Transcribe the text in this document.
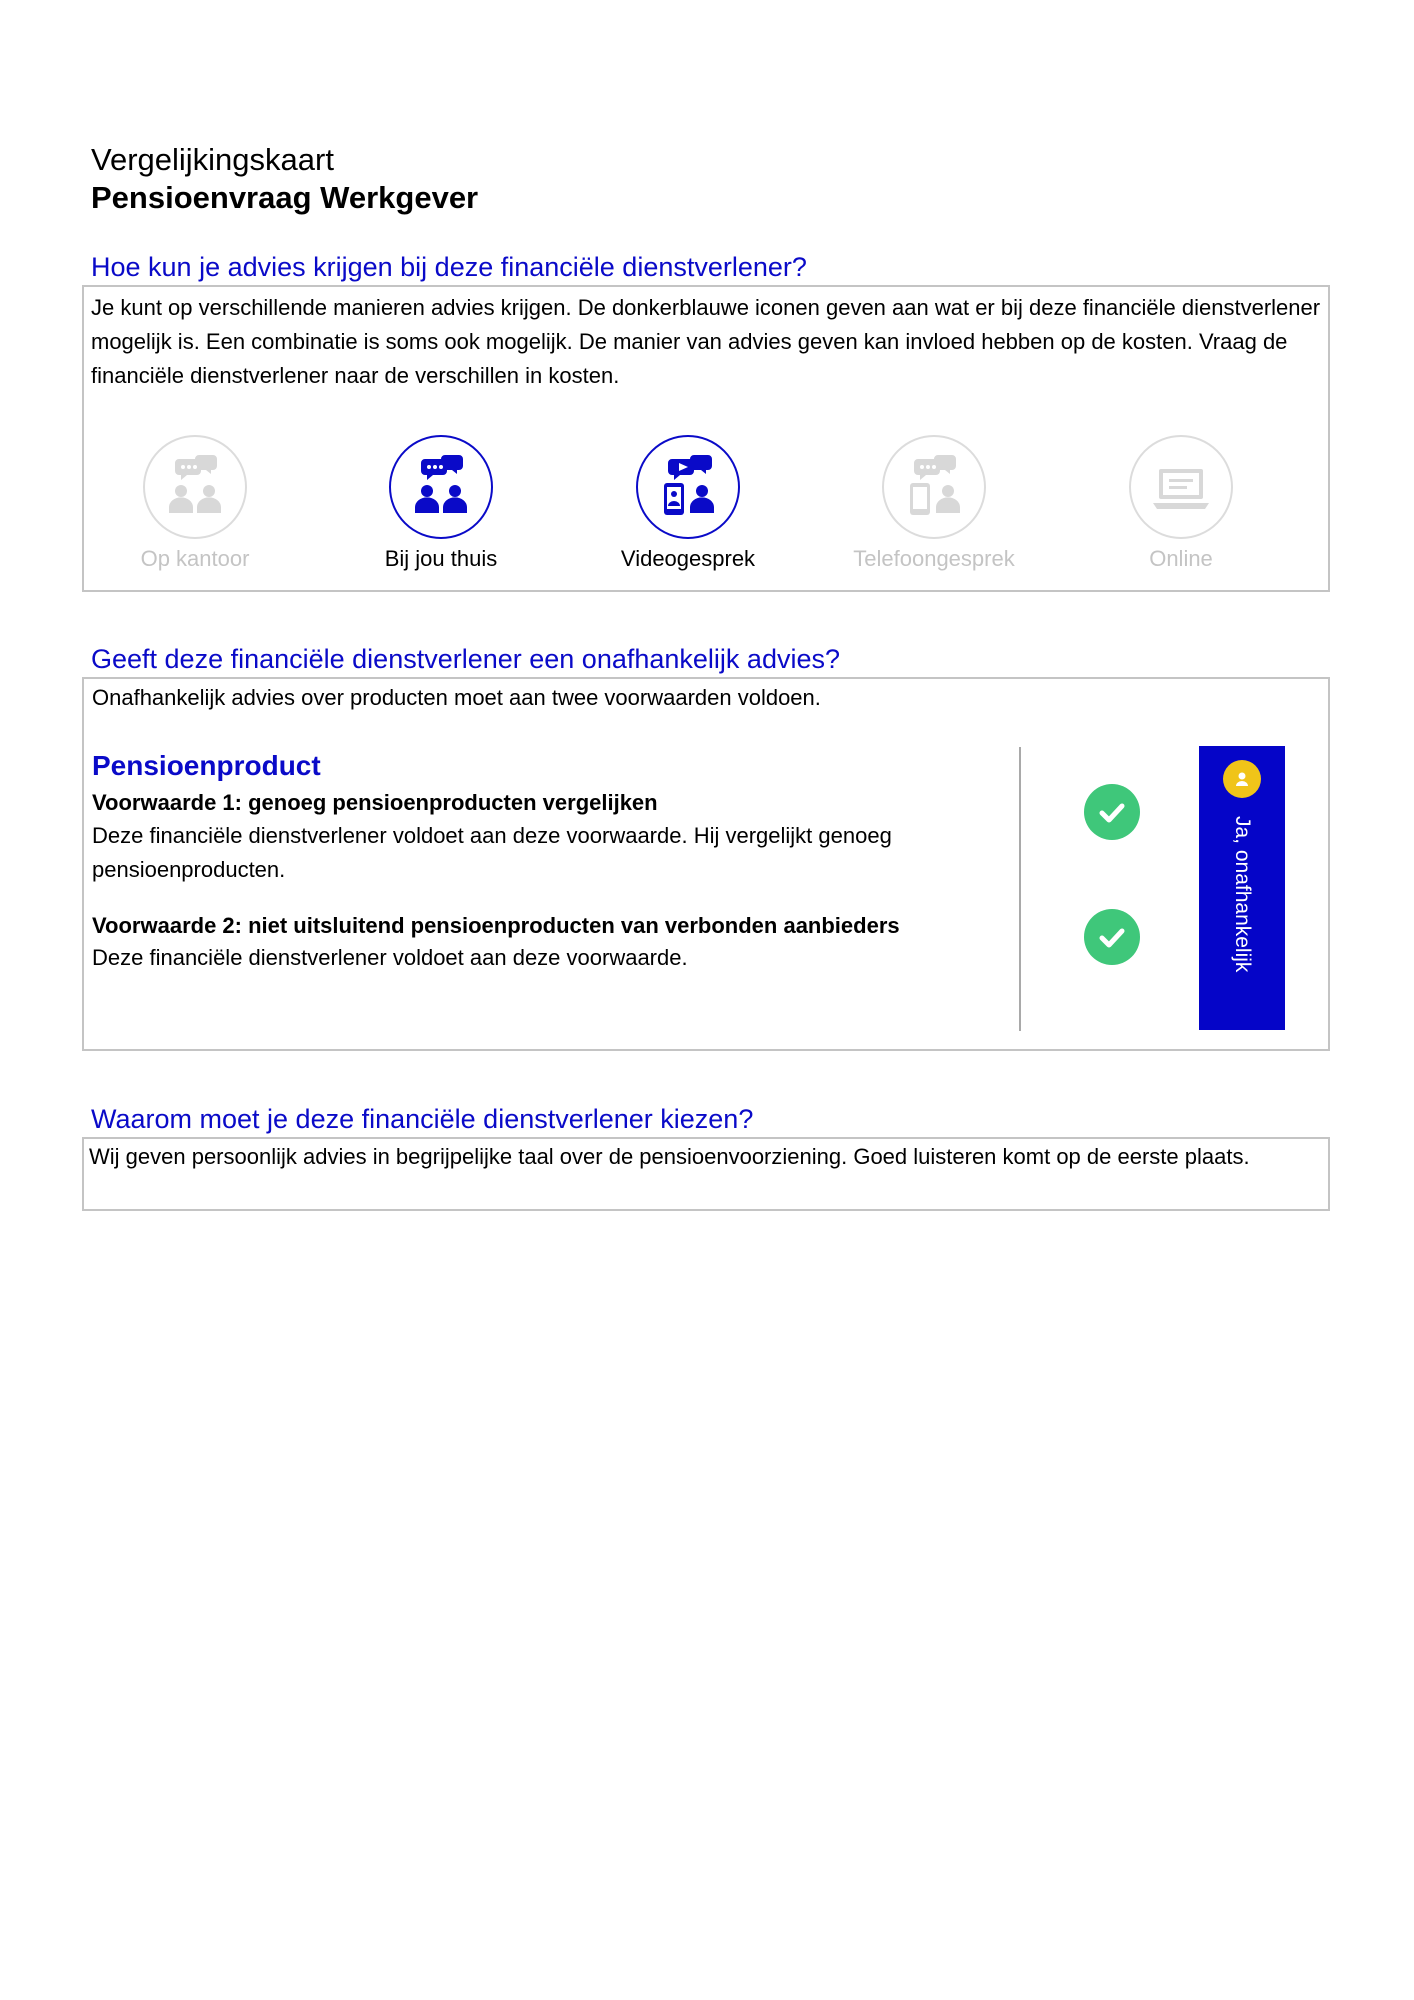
Vergelijkingskaart
Pensioenvraag Werkgever
Hoe kun je advies krijgen bij deze financiële dienstverlener?
Je kunt op verschillende manieren advies krijgen. De donkerblauwe iconen geven aan wat er bij deze financiële dienstverlener mogelijk is. Een combinatie is soms ook mogelijk. De manier van advies geven kan invloed hebben op de kosten. Vraag de financiële dienstverlener naar de verschillen in kosten.
Op kantoor	Bij jou thuis	Videogesprek	Telefoongesprek	Online
Geeft deze financiële dienstverlener een onafhankelijk advies?
Onafhankelijk advies over producten moet aan twee voorwaarden voldoen.
Pensioenproduct
Voorwaarde 1: genoeg pensioenproducten vergelijken
Deze financiële dienstverlener voldoet aan deze voorwaarde. Hij vergelijkt genoeg pensioenproducten.
Voorwaarde 2: niet uitsluitend pensioenproducten van verbonden aanbieders
Deze financiële dienstverlener voldoet aan deze voorwaarde.	Ja, onafhankelijk
Waarom moet je deze financiële dienstverlener kiezen?
Wij geven persoonlijk advies in begrijpelijke taal over de pensioenvoorziening. Goed luisteren komt op de eerste plaats.
